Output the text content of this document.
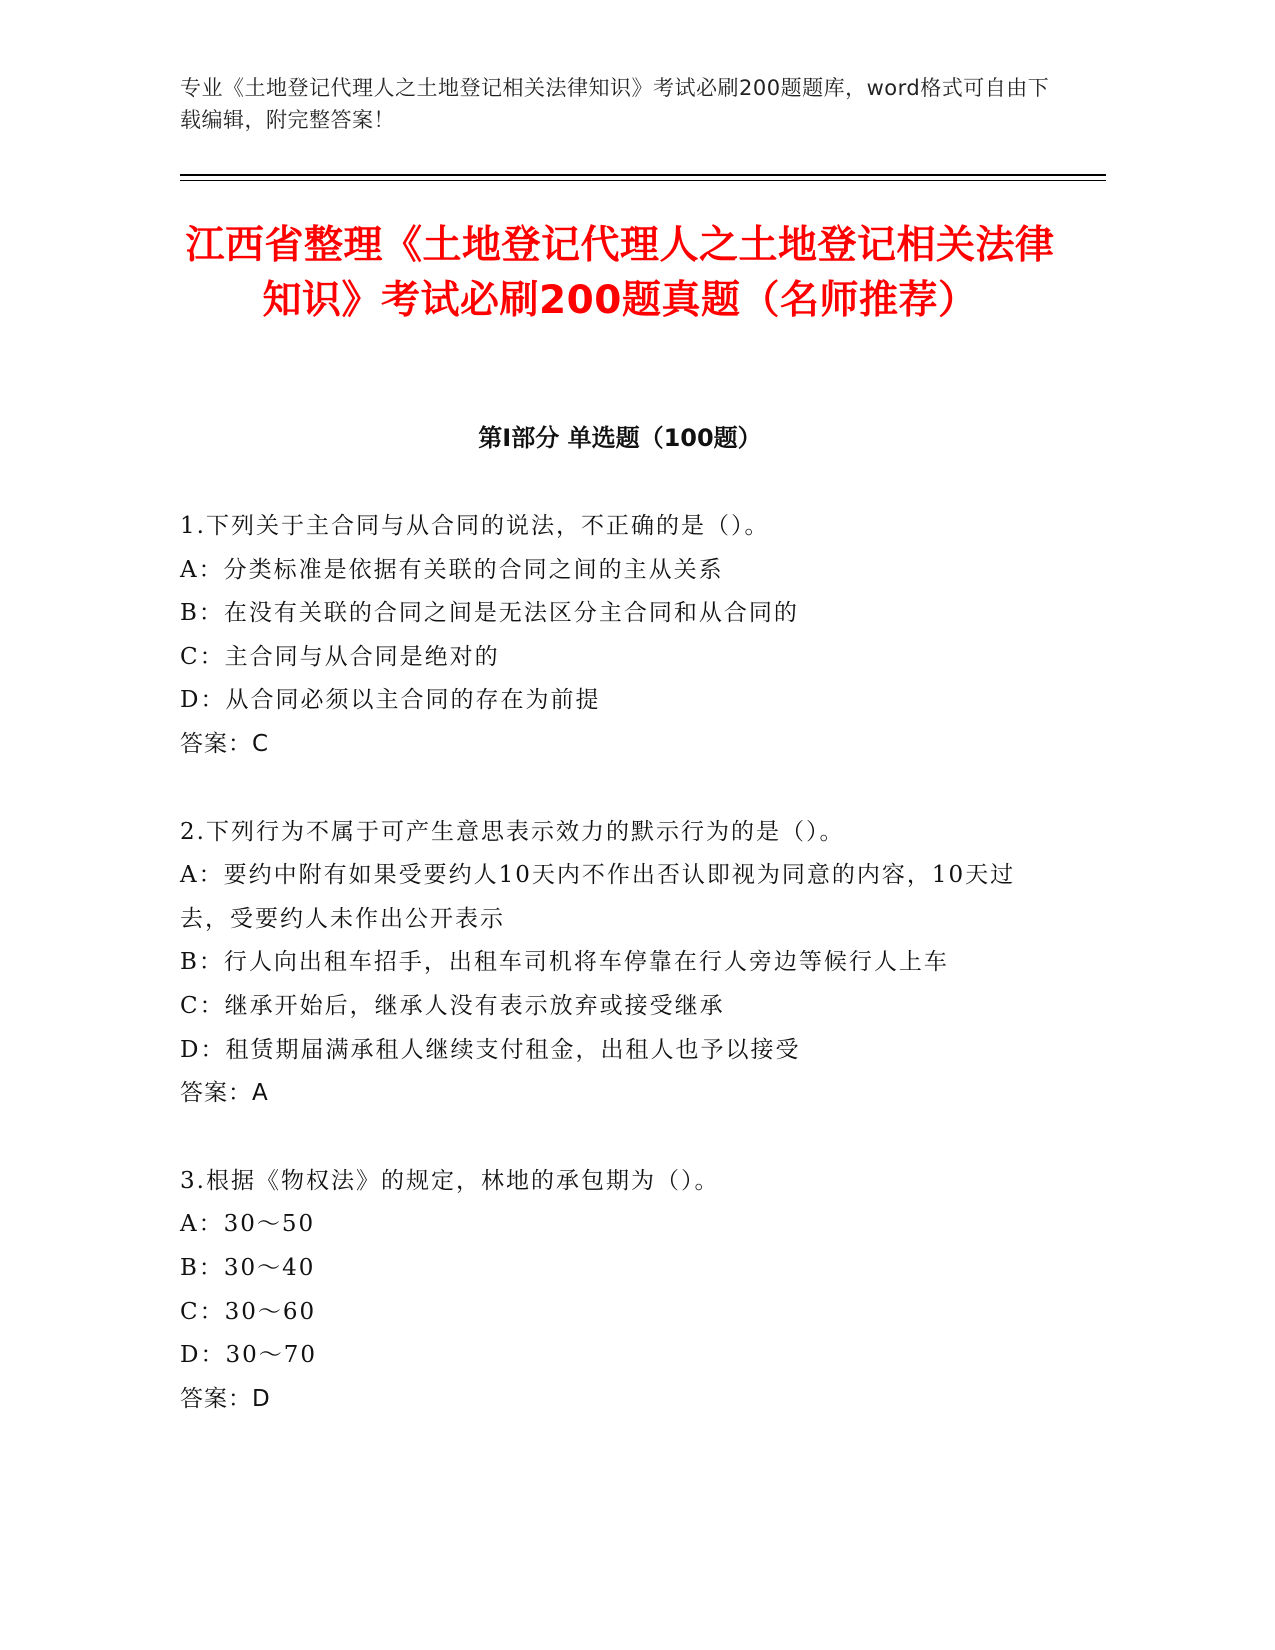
专业《土地登记代理人之土地登记相关法律知识》考试必刷200题题库，word格式可自由下载编辑，附完整答案！
江西省整理《土地登记代理人之土地登记相关法律知识》考试必刷200题真题（名师推荐）
第Ⅰ部分 单选题（100题）
1.下列关于主合同与从合同的说法，不正确的是（）。
A：分类标准是依据有关联的合同之间的主从关系
B：在没有关联的合同之间是无法区分主合同和从合同的
C：主合同与从合同是绝对的
D：从合同必须以主合同的存在为前提
答案：C
2.下列行为不属于可产生意思表示效力的默示行为的是（）。
A：要约中附有如果受要约人10天内不作出否认即视为同意的内容，10天过去，受要约人未作出公开表示
B：行人向出租车招手，出租车司机将车停靠在行人旁边等候行人上车
C：继承开始后，继承人没有表示放弃或接受继承
D：租赁期届满承租人继续支付租金，出租人也予以接受
答案：A
3.根据《物权法》的规定，林地的承包期为（）。
A：30～50
B：30～40
C：30～60
D：30～70
答案：D
